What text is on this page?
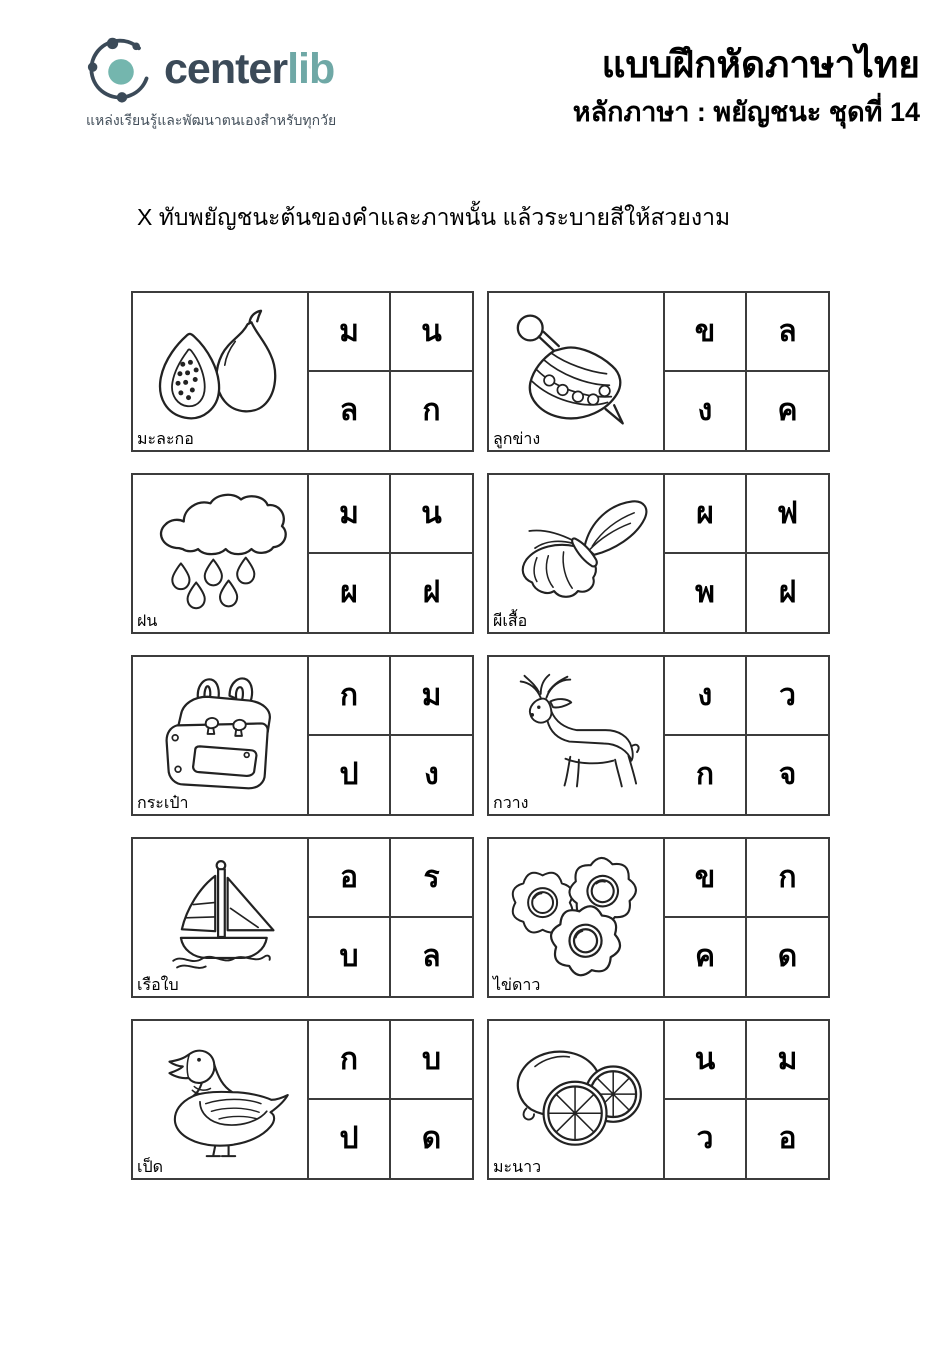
centerlib
แหล่งเรียนรู้และพัฒนาตนเองสำหรับทุกวัย
แบบฝึกหัดภาษาไทย
หลักภาษา : พยัญชนะ ชุดที่ 14
X ทับพยัญชนะต้นของคำและภาพนั้น แล้วระบายสีให้สวยงาม
มะละกอ
ม	น
ล	ก
ลูกข่าง
ข	ล
ง	ค
ฝน
ม	น
ผ	ฝ
ผีเสื้อ
ผ	ฟ
พ	ฝ
กระเป๋า
ก	ม
ป	ง
กวาง
ง	ว
ก	จ
เรือใบ
อ	ร
บ	ล
ไข่ดาว
ข	ก
ค	ด
เป็ด
ก	บ
ป	ด
มะนาว
น	ม
ว	อ
